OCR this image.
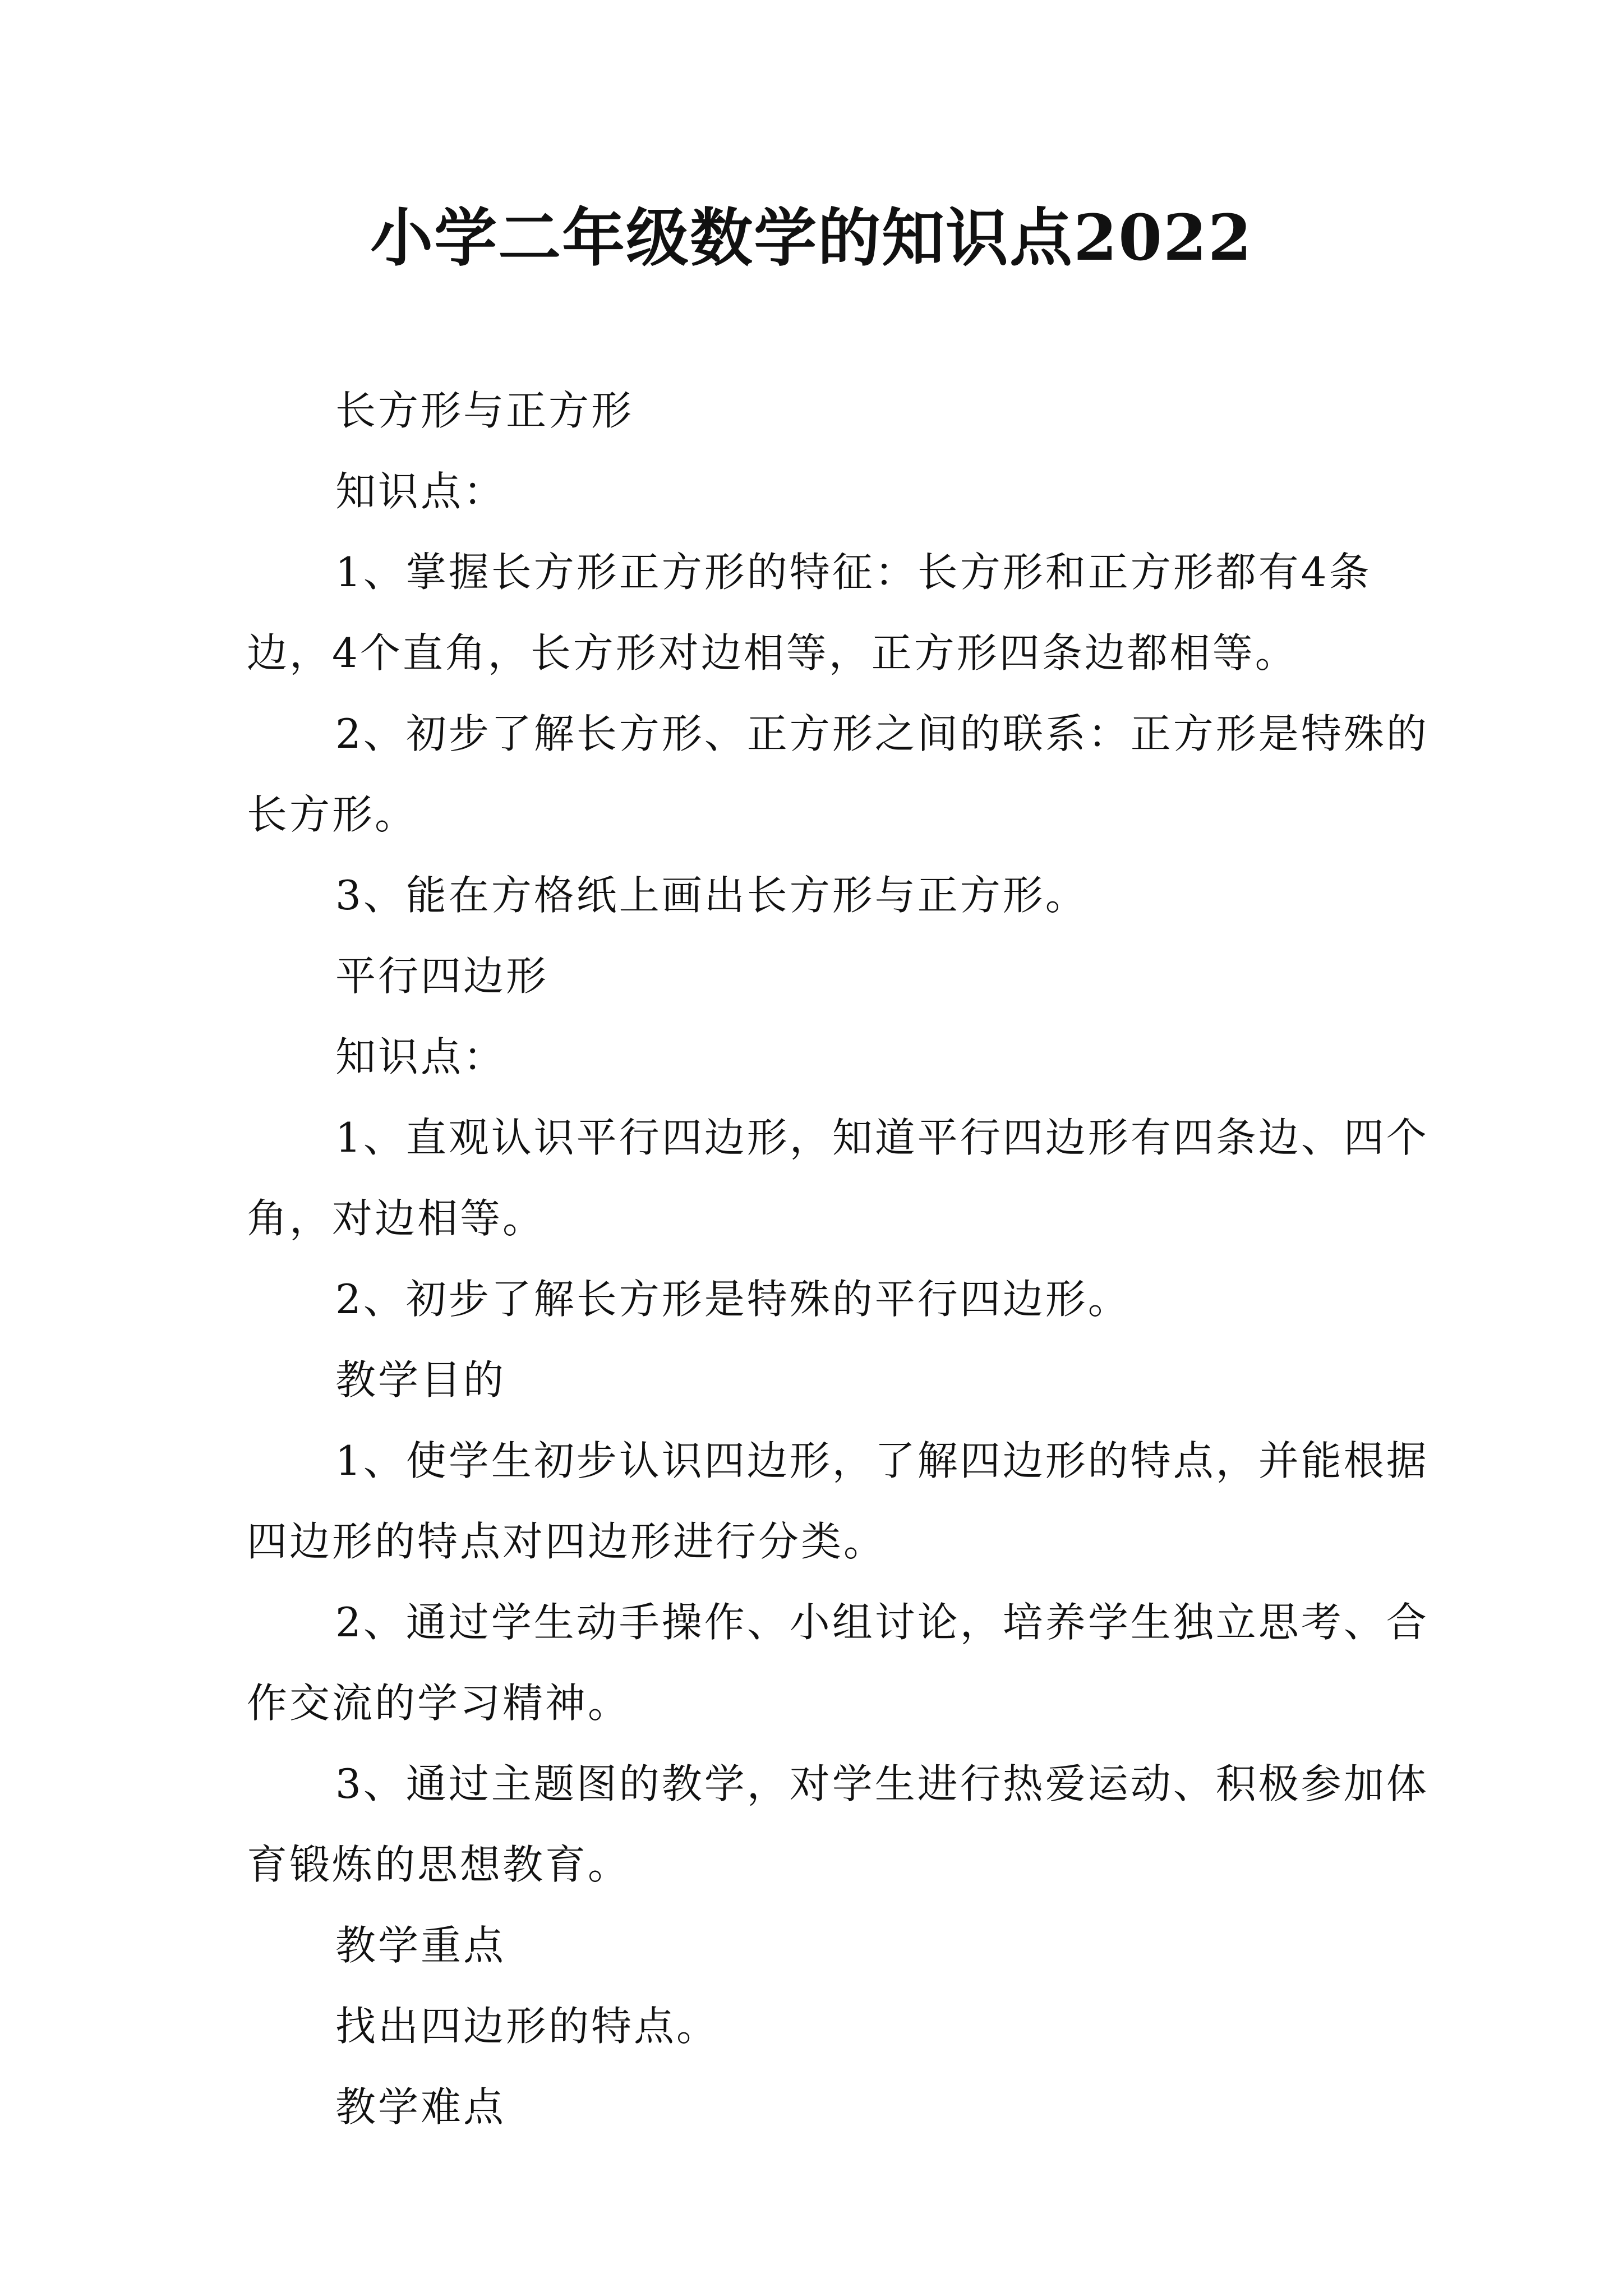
小学二年级数学的知识点2022

长方形与正方形

知识点：

1、掌握长方形正方形的特征：长方形和正方形都有4条边，4个直角，长方形对边相等，正方形四条边都相等。

2、初步了解长方形、正方形之间的联系：正方形是特殊的长方形。

3、能在方格纸上画出长方形与正方形。

平行四边形

知识点：

1、直观认识平行四边形，知道平行四边形有四条边、四个角，对边相等。

2、初步了解长方形是特殊的平行四边形。

教学目的

1、使学生初步认识四边形，了解四边形的特点，并能根据四边形的特点对四边形进行分类。

2、通过学生动手操作、小组讨论，培养学生独立思考、合作交流的学习精神。

3、通过主题图的教学，对学生进行热爱运动、积极参加体育锻炼的思想教育。

教学重点

找出四边形的特点。

教学难点
